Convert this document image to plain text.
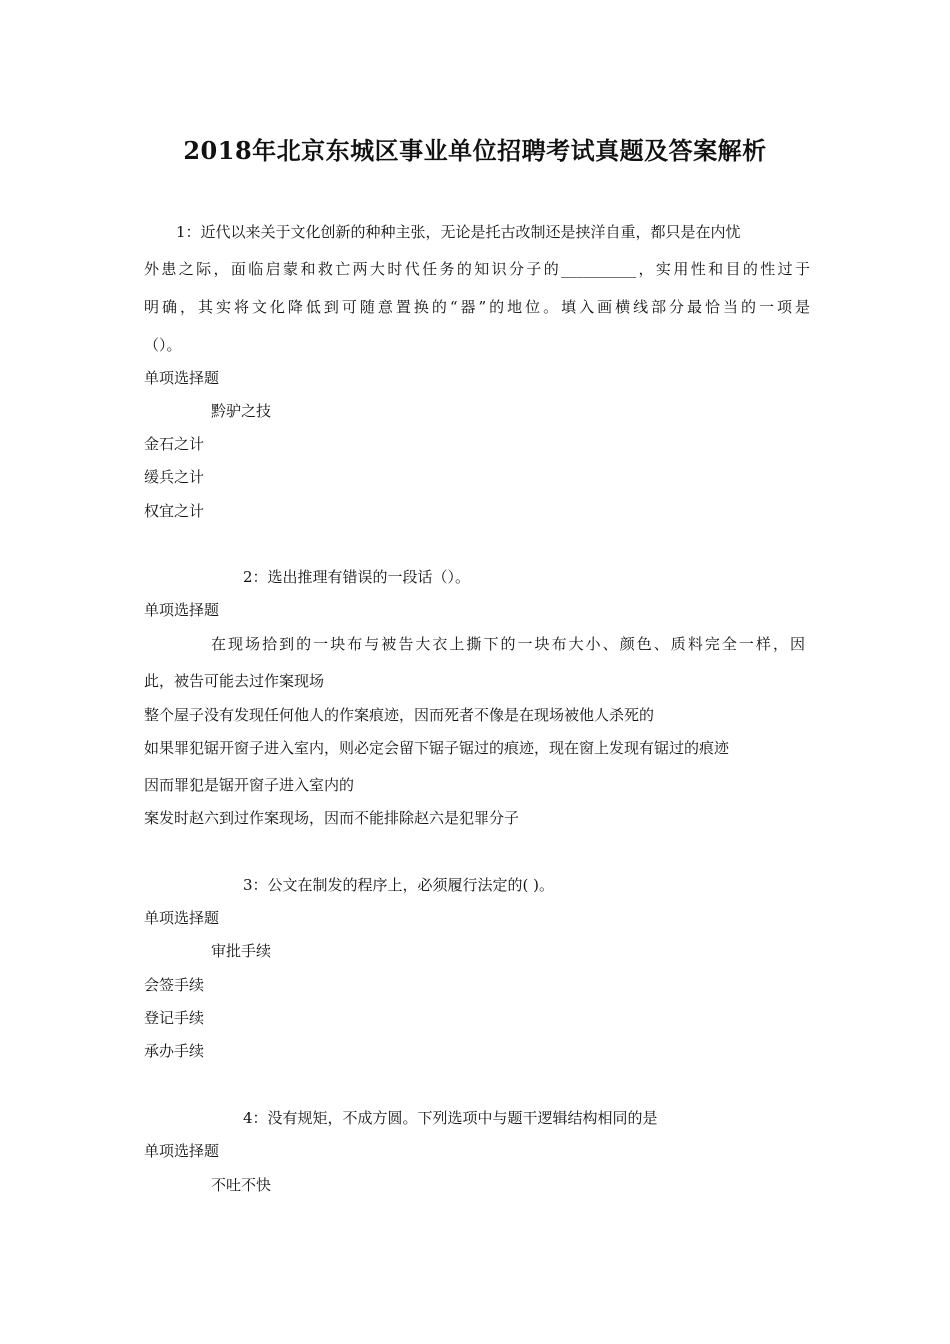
2018年北京东城区事业单位招聘考试真题及答案解析
1：近代以来关于文化创新的种种主张，无论是托古改制还是挟洋自重，都只是在内忧
外患之际，面临启蒙和救亡两大时代任务的知识分子的__________，实用性和目的性过于
明确，其实将文化降低到可随意置换的“器”的地位。填入画横线部分最恰当的一项是
（）。
单项选择题
黔驴之技
金石之计
缓兵之计
权宜之计
2：选出推理有错误的一段话（）。
单项选择题
在现场拾到的一块布与被告大衣上撕下的一块布大小、颜色、质料完全一样，因
此，被告可能去过作案现场
整个屋子没有发现任何他人的作案痕迹，因而死者不像是在现场被他人杀死的
如果罪犯锯开窗子进入室内，则必定会留下锯子锯过的痕迹，现在窗上发现有锯过的痕迹
因而罪犯是锯开窗子进入室内的
案发时赵六到过作案现场，因而不能排除赵六是犯罪分子
3：公文在制发的程序上，必须履行法定的( )。
单项选择题
审批手续
会签手续
登记手续
承办手续
4：没有规矩，不成方圆。下列选项中与题干逻辑结构相同的是
单项选择题
不吐不快
